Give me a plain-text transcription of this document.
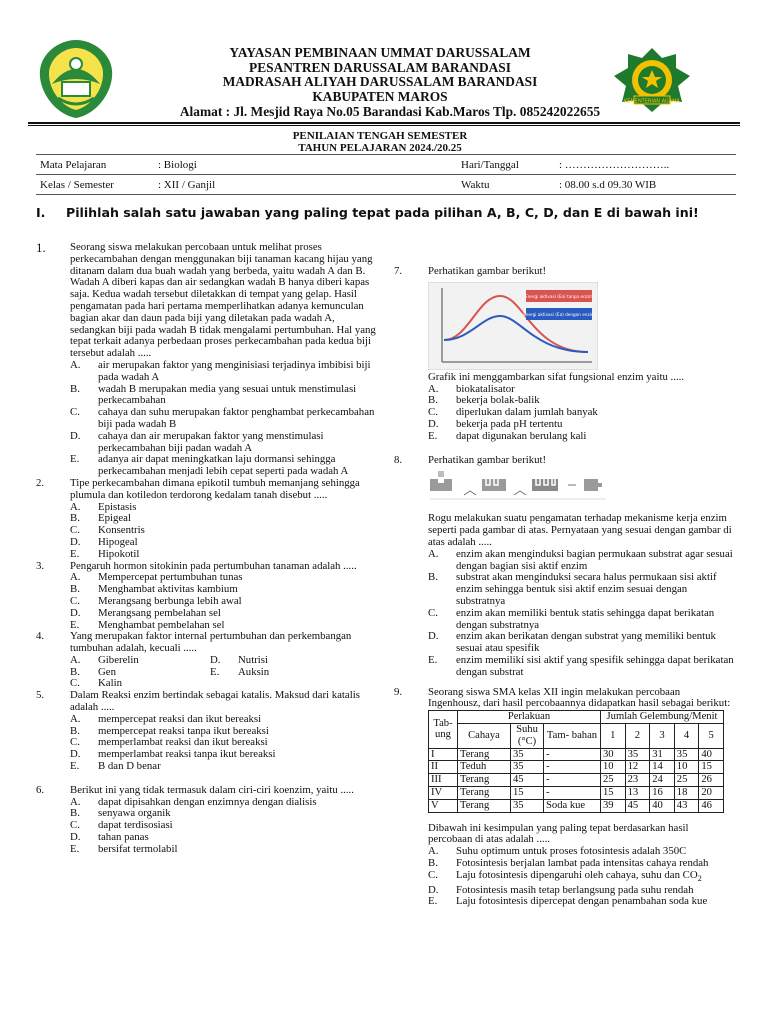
KEMENTERIAN AGAMA
YAYASAN PEMBINAAN UMMAT DARUSSALAM
PESANTREN DARUSSALAM BARANDASI
MADRASAH ALIYAH DARUSSALAM BARANDASI
KABUPATEN MAROS
Alamat : Jl. Mesjid Raya No.05 Barandasi Kab.Maros Tlp. 085242022655
PENILAIAN TENGAH SEMESTER
TAHUN PELAJARAN 2024./20.25
Mata Pelajaran	: Biologi	Hari/Tanggal	: ………………………..
Kelas / Semester	: XII / Ganjil	Waktu	: 08.00 s.d 09.30 WIB
I. Pilihlah salah satu jawaban yang paling tepat pada pilihan A, B, C, D, dan E di bawah ini!
1. Seorang siswa melakukan percobaan untuk melihat proses perkecambahan dengan menggunakan biji tanaman kacang hijau yang ditanam dalam dua buah wadah yang berbeda, yaitu wadah A dan B. Wadah A diberi kapas dan air sedangkan wadah B hanya diberi kapas saja. Kedua wadah tersebut diletakkan di tempat yang gelap. Hasil pengamatan pada hari pertama memperlihatkan adanya kemunculan bagian akar dan daun pada biji yang diletakan pada wadah A, sedangkan biji pada wadah B tidak mengalami pertumbuhan. Hal yang tepat terkait adanya perbedaan proses perkecambahan pada kedua biji tersebut adalah .....

A. air merupakan faktor yang menginisiasi terjadinya imbibisi biji pada wadah A
B. wadah B merupakan media yang sesuai untuk menstimulasi perkecambahan
C. cahaya dan suhu merupakan faktor penghambat perkecambahan biji pada wadah B
D. cahaya dan air merupakan faktor yang menstimulasi perkecambahan biji padan wadah A
E. adanya air dapat meningkatkan laju dormansi sehingga perkecambahan menjadi lebih cepat seperti pada wadah A
2. Tipe perkecambahan dimana epikotil tumbuh memanjang sehingga plumula dan kotiledon terdorong kedalam tanah disebut .....

A. Epistasis
B. Epigeal
C. Konsentris
D. Hipogeal
E. Hipokotil
3. Pengaruh hormon sitokinin pada pertumbuhan tanaman adalah .....

A. Mempercepat pertumbuhan tunas
B. Menghambat aktivitas kambium
C. Merangsang berbunga lebih awal
D. Merangsang pembelahan sel
E. Menghambat pembelahan sel
4. Yang merupakan faktor internal pertumbuhan dan perkembangan tumbuhan adalah, kecuali .....

A. Giberelin
B. Gen
C. Kalin
D. Nutrisi
E. Auksin
5. Dalam Reaksi enzim bertindak sebagai katalis. Maksud dari katalis adalah .....

A. mempercepat reaksi dan ikut bereaksi
B. mempercepat reaksi tanpa ikut bereaksi
C. memperlambat reaksi dan ikut bereaksi
D. memperlambat reaksi tanpa ikut bereaksi
E. B dan D benar
6. Berikut ini yang tidak termasuk dalam ciri-ciri koenzim, yaitu .....

A. dapat dipisahkan dengan enzimnya dengan dialisis
B. senyawa organik
C. dapat terdisosiasi
D. tahan panas
E. bersifat termolabil
7. Perhatikan gambar berikut!

Energi aktivasi (Ea) tanpa enzim
Energi aktivasi (Ea) dengan enzim

Grafik ini menggambarkan sifat fungsional enzim yaitu .....

A. biokatalisator
B. bekerja bolak-balik
C. diperlukan dalam jumlah banyak
D. bekerja pada pH tertentu
E. dapat digunakan berulang kali
8. Perhatikan gambar berikut!

Rogu melakukan suatu pengamatan terhadap mekanisme kerja enzim seperti pada gambar di atas. Pernyataan yang sesuai dengan gambar di atas adalah .....

A. enzim akan menginduksi bagian permukaan substrat agar sesuai dengan bagian sisi aktif enzim
B. substrat akan menginduksi secara halus permukaan sisi aktif enzim sehingga bentuk sisi aktif enzim sesuai dengan substratnya
C. enzim akan memiliki bentuk statis sehingga dapat berikatan dengan substratnya
D. enzim akan berikatan dengan substrat yang memiliki bentuk sesuai atau spesifik
E. enzim memiliki sisi aktif yang spesifik sehingga dapat berikatan dengan substrat
9. Seorang siswa SMA kelas XII ingin melakukan percobaan Ingenhousz, dari hasil percobaannya didapatkan hasil sebagai berikut:

Tab- ung	Perlakuan			Jumlah Gelembung/Menit				
	Cahaya	Suhu (°C)	Tam- bahan	1	2	3	4	5
I	Terang	35	-	30	35	31	35	40
II	Teduh	35	-	10	12	14	10	15
III	Terang	45	-	25	23	24	25	26
IV	Terang	15	-	15	13	16	18	20
V	Terang	35	Soda kue	39	45	40	43	46

Dibawah ini kesimpulan yang paling tepat berdasarkan hasil percobaan di atas adalah .....

A. Suhu optimum untuk proses fotosintesis adalah 350C
B. Fotosintesis berjalan lambat pada intensitas cahaya rendah
C. Laju fotosintesis dipengaruhi oleh cahaya, suhu dan $CO_2$
D. Fotosintesis masih tetap berlangsung pada suhu rendah
E. Laju fotosintesis dipercepat dengan penambahan soda kue
